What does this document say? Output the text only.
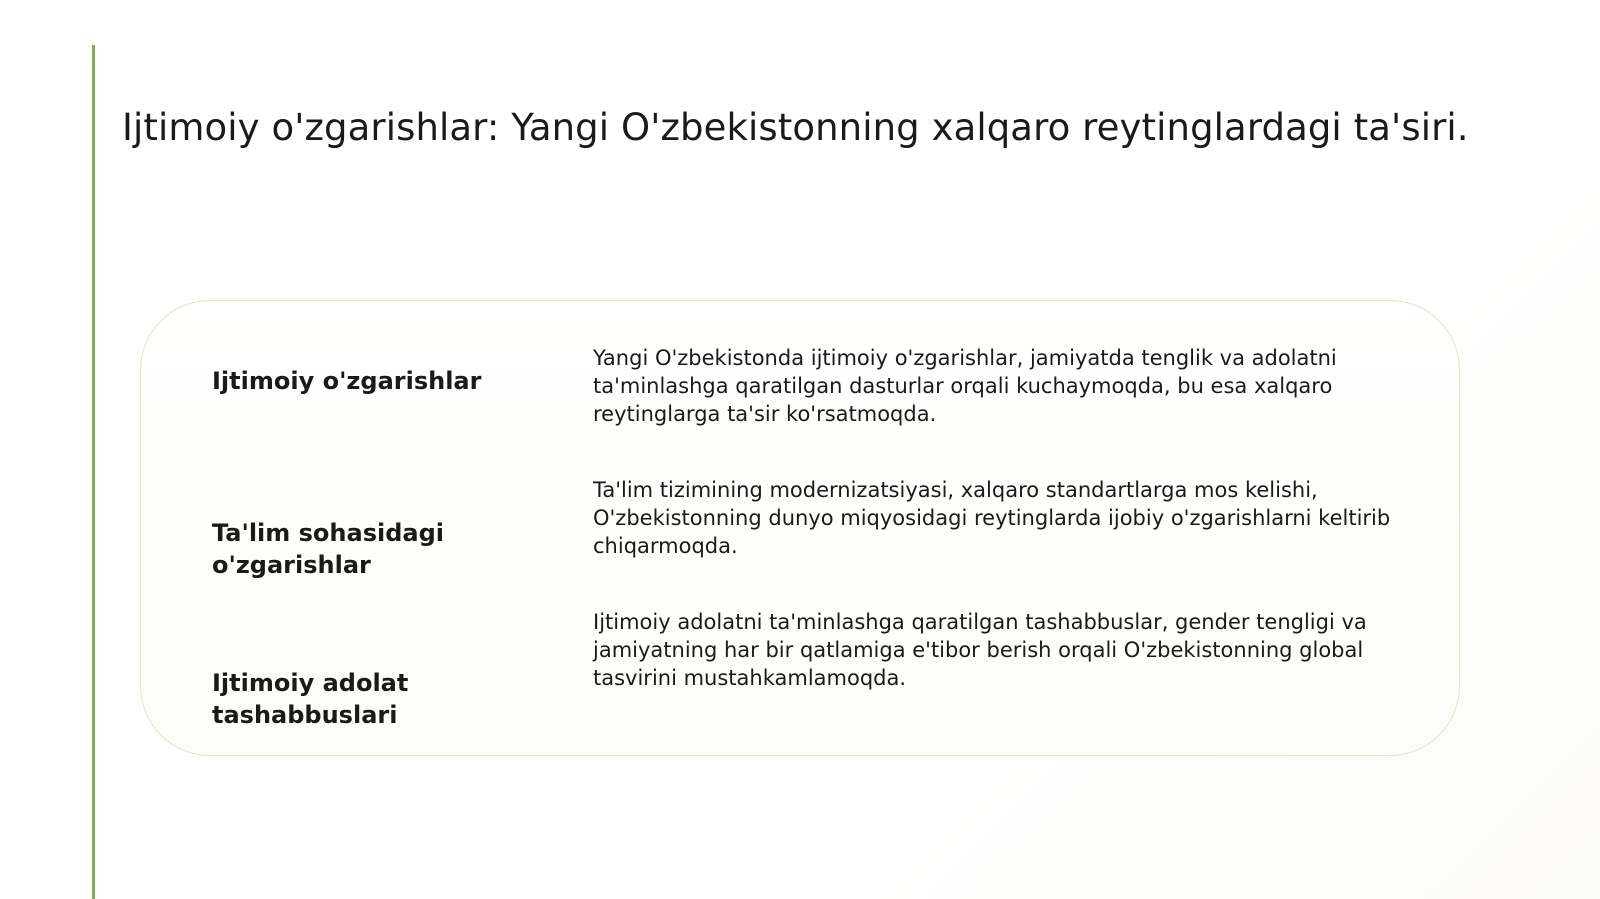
Ijtimoiy o'zgarishlar: Yangi O'zbekistonning xalqaro reytinglardagi ta'siri.

Ijtimoiy o'zgarishlar

Yangi O'zbekistonda ijtimoiy o'zgarishlar, jamiyatda tenglik va adolatni ta'minlashga qaratilgan dasturlar orqali kuchaymoqda, bu esa xalqaro reytinglarga ta'sir ko'rsatmoqda.

Ta'lim sohasidagi o'zgarishlar

Ta'lim tizimining modernizatsiyasi, xalqaro standartlarga mos kelishi, O'zbekistonning dunyo miqyosidagi reytinglarda ijobiy o'zgarishlarni keltirib chiqarmoqda.

Ijtimoiy adolat tashabbuslari

Ijtimoiy adolatni ta'minlashga qaratilgan tashabbuslar, gender tengligi va jamiyatning har bir qatlamiga e'tibor berish orqali O'zbekistonning global tasvirini mustahkamlamoqda.
